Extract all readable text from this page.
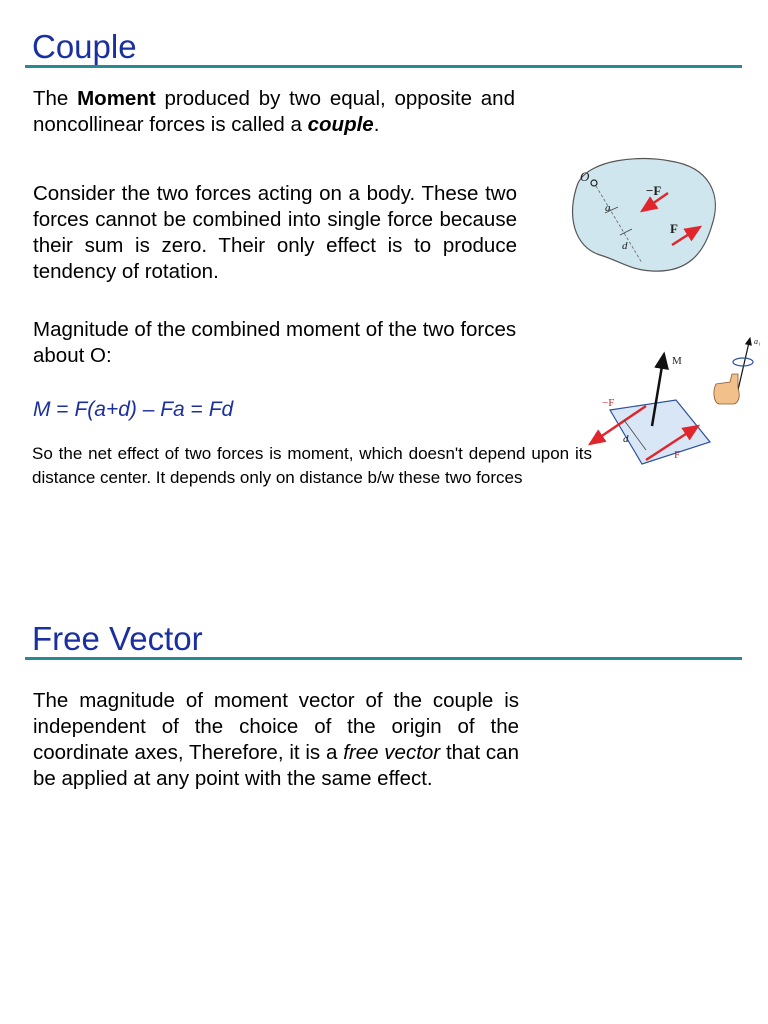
Couple

The Moment produced by two equal, opposite and noncollinear forces is called a couple.

Consider the two forces acting on a body. These two forces cannot be combined into single force because their sum is zero. Their only effect is to produce tendency of rotation.

Magnitude of the combined moment of the two forces about O:

M = F(a+d) – Fa = Fd

So the net effect of two forces is moment, which doesn't depend upon its distance center. It depends only on distance b/w these two forces

O
a
d
−F
F
M
−F
F
d
a₁
Free Vector

The magnitude of moment vector of the couple is independent of the choice of the origin of the coordinate axes, Therefore, it is a free vector that can be applied at any point with the same effect.
